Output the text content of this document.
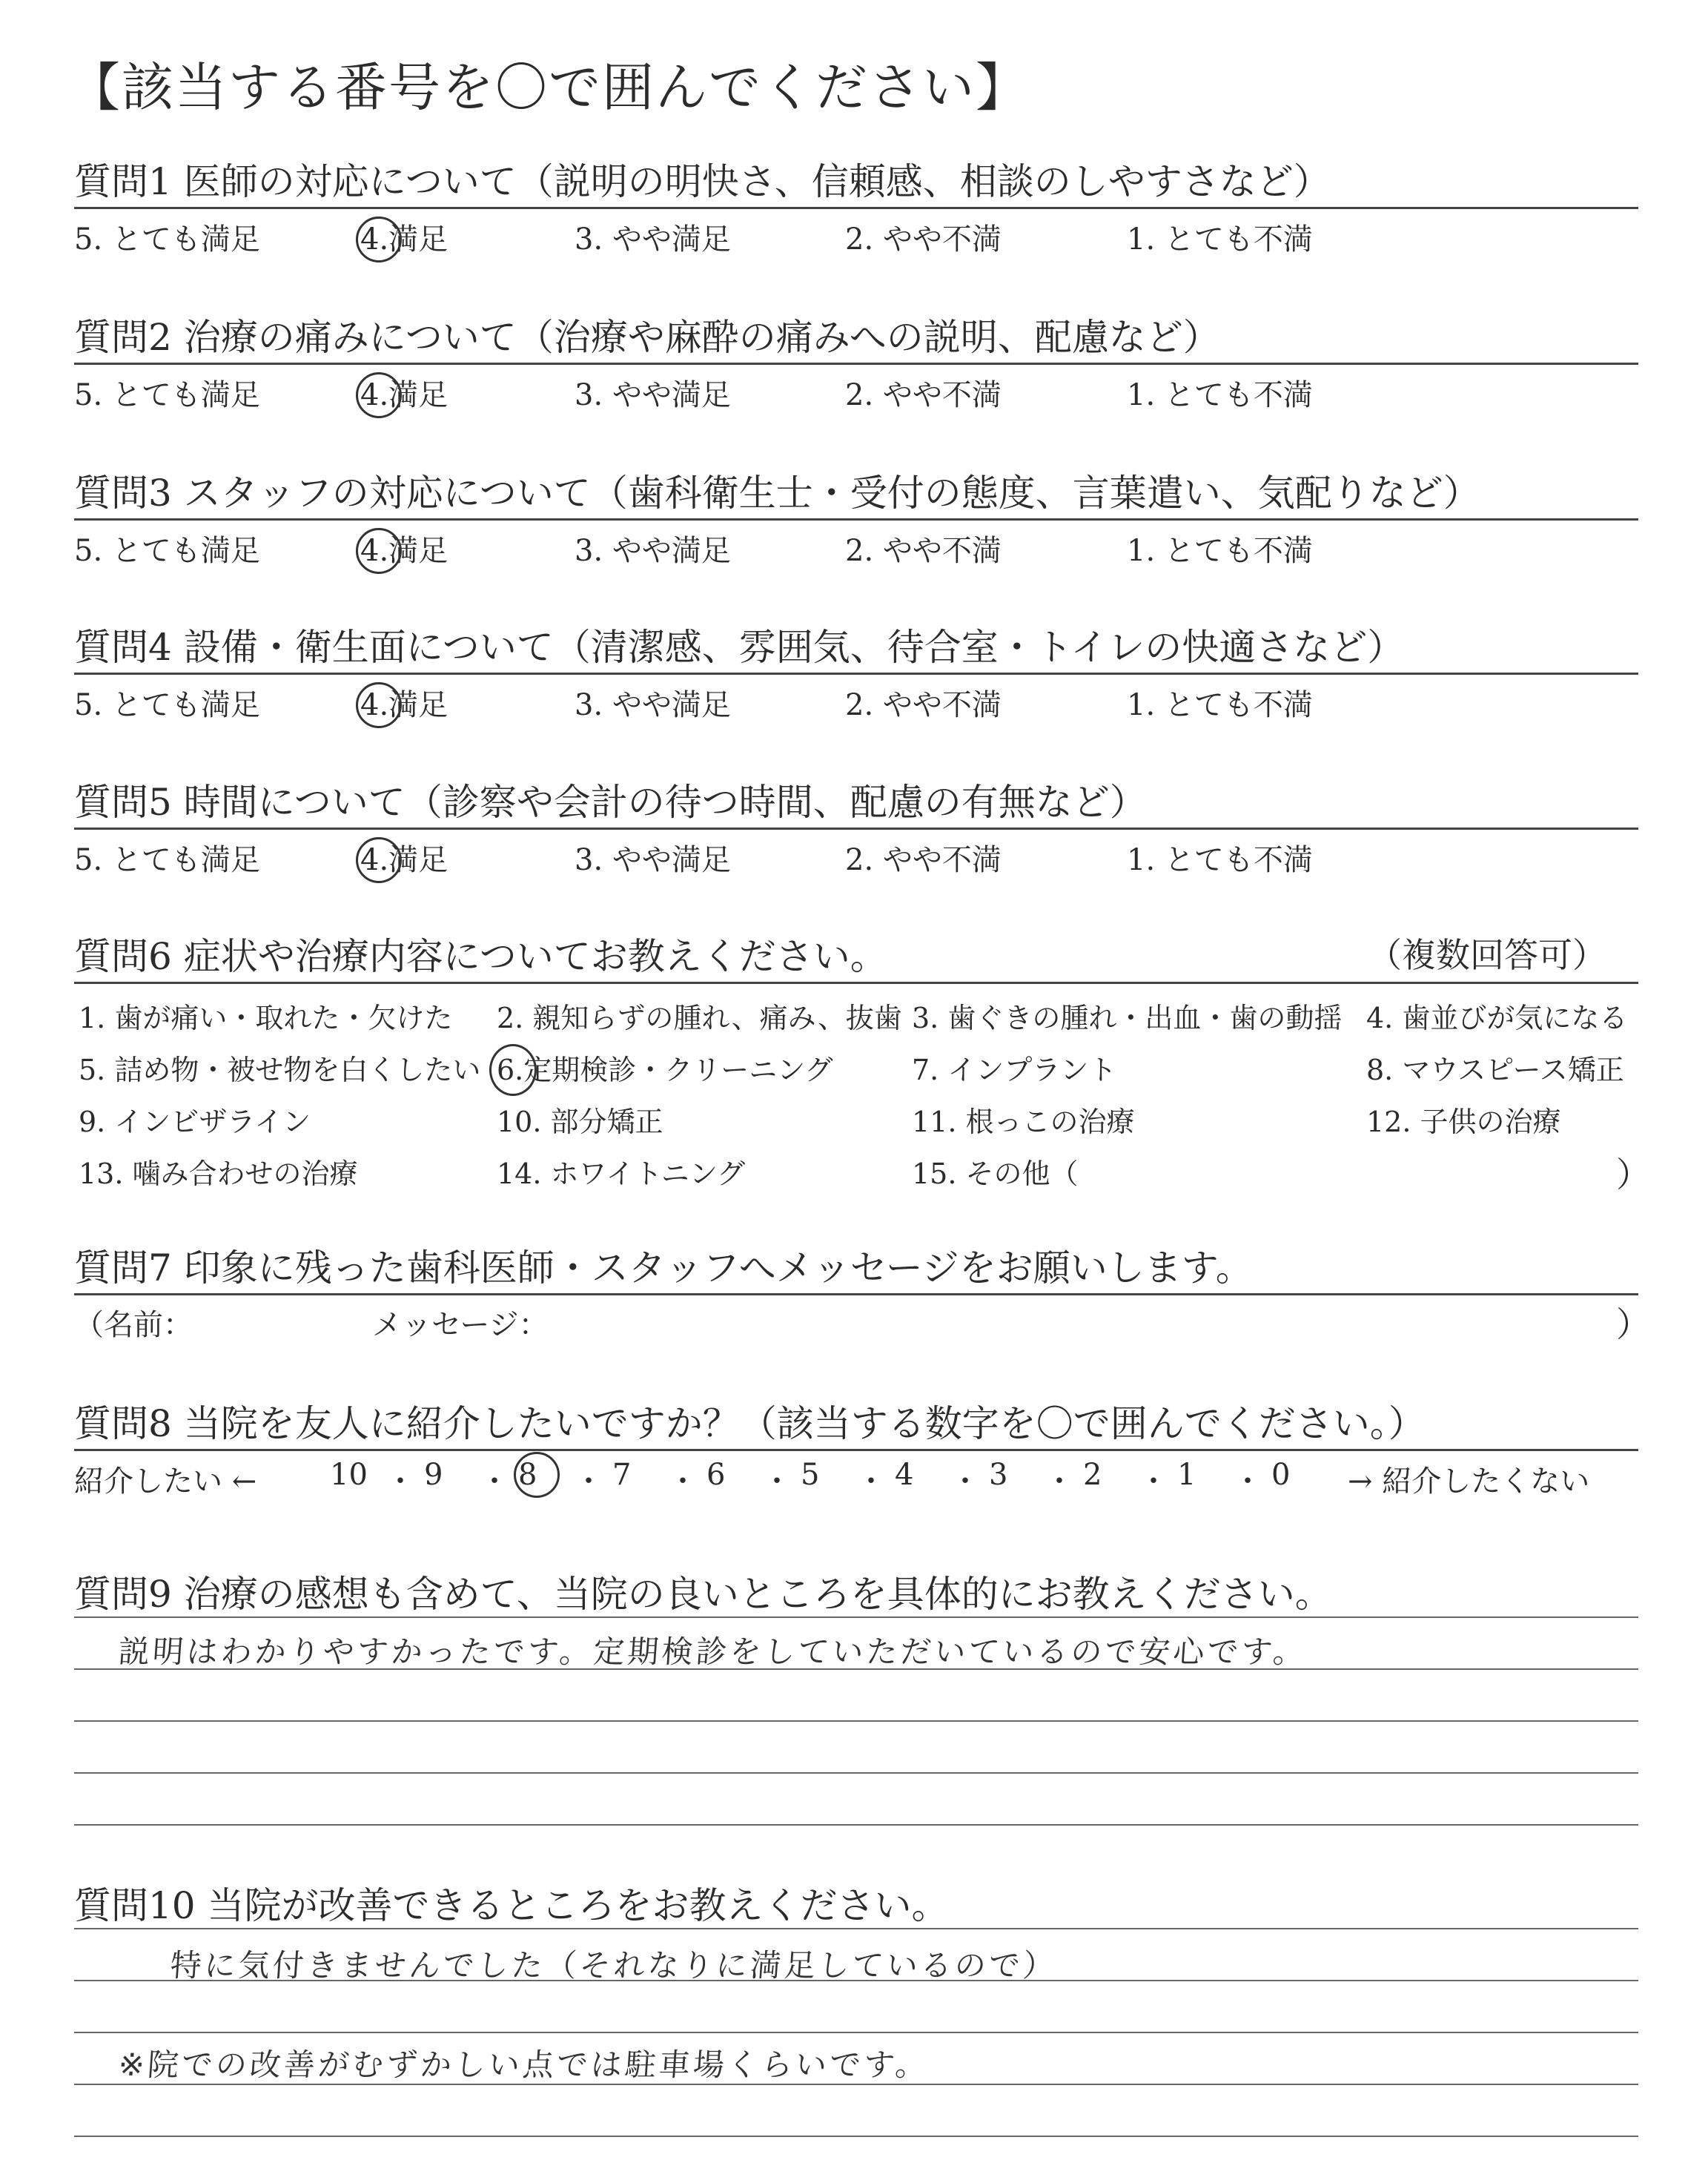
【該当する番号を〇で囲んでください】
質問1 医師の対応について（説明の明快さ、信頼感、相談のしやすさなど）
5. とても満足	4.満足	3. やや満足	2. やや不満	1. とても不満
質問2 治療の痛みについて（治療や麻酔の痛みへの説明、配慮など）
5. とても満足	4.満足	3. やや満足	2. やや不満	1. とても不満
質問3 スタッフの対応について（歯科衛生士・受付の態度、言葉遣い、気配りなど）
5. とても満足	4.満足	3. やや満足	2. やや不満	1. とても不満
質問4 設備・衛生面について（清潔感、雰囲気、待合室・トイレの快適さなど）
5. とても満足	4.満足	3. やや満足	2. やや不満	1. とても不満
質問5 時間について（診察や会計の待つ時間、配慮の有無など）
5. とても満足	4.満足	3. やや満足	2. やや不満	1. とても不満
質問6 症状や治療内容についてお教えください。	（複数回答可）
1. 歯が痛い・取れた・欠けた 2. 親知らずの腫れ、痛み、抜歯 3. 歯ぐきの腫れ・出血・歯の動揺 4. 歯並びが気になる
5. 詰め物・被せ物を白くしたい 6.定期検診・クリーニング	7. インプラント	8. マウスピース矯正
9. インビザライン	10. 部分矯正	11. 根っこの治療	12. 子供の治療
13. 噛み合わせの治療	14. ホワイトニング	15. その他（	）
質問7 印象に残った歯科医師・スタッフへメッセージをお願いします。
（名前：	メッセージ：	）
質問8 当院を友人に紹介したいですか？（該当する数字を〇で囲んでください。）
紹介したい ← 10 ・ 9 ・ 8 ・ 7 ・ 6 ・ 5 ・ 4 ・ 3 ・ 2 ・ 1 ・ 0 → 紹介したくない
質問9 治療の感想も含めて、当院の良いところを具体的にお教えください。
説明はわかりやすかったです。定期検診をしていただいているので安心です。
質問10 当院が改善できるところをお教えください。
特に気付きませんでした（それなりに満足しているので）
※院での改善がむずかしい点では駐車場くらいです。
